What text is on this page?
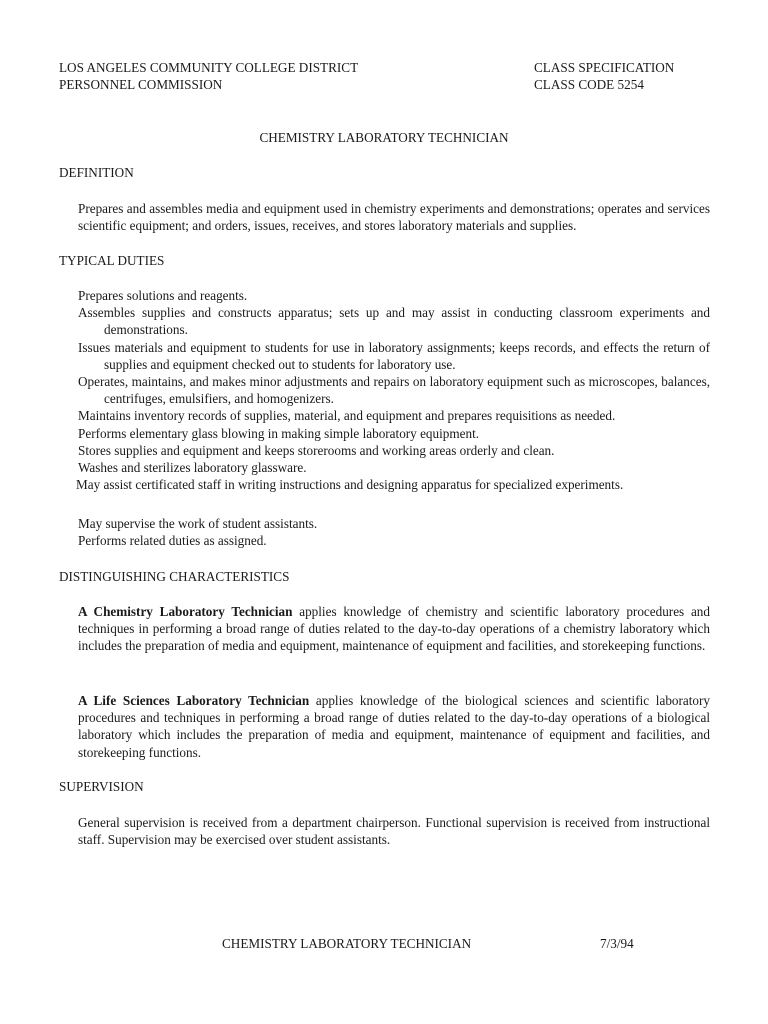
LOS ANGELES COMMUNITY COLLEGE DISTRICT
PERSONNEL COMMISSION
CLASS SPECIFICATION
CLASS CODE 5254
CHEMISTRY LABORATORY TECHNICIAN
DEFINITION
Prepares and assembles media and equipment used in chemistry experiments and demonstrations; operates and services scientific equipment; and orders, issues, receives, and stores laboratory materials and supplies.
TYPICAL DUTIES
Prepares solutions and reagents.
Assembles supplies and constructs apparatus; sets up and may assist in conducting classroom experiments and demonstrations.
Issues materials and equipment to students for use in laboratory assignments; keeps records, and effects the return of supplies and equipment checked out to students for laboratory use.
Operates, maintains, and makes minor adjustments and repairs on laboratory equipment such as microscopes, balances, centrifuges, emulsifiers, and homogenizers.
Maintains inventory records of supplies, material, and equipment and prepares requisitions as needed.
Performs elementary glass blowing in making simple laboratory equipment.
Stores supplies and equipment and keeps storerooms and working areas orderly and clean.
Washes and sterilizes laboratory glassware.
May assist certificated staff in writing instructions and designing apparatus for specialized experiments.
May supervise the work of student assistants.
Performs related duties as assigned.
DISTINGUISHING CHARACTERISTICS
A Chemistry Laboratory Technician applies knowledge of chemistry and scientific laboratory procedures and techniques in performing a broad range of duties related to the day-to-day operations of a chemistry laboratory which includes the preparation of media and equipment, maintenance of equipment and facilities, and storekeeping functions.
A Life Sciences Laboratory Technician applies knowledge of the biological sciences and scientific laboratory procedures and techniques in performing a broad range of duties related to the day-to-day operations of a biological laboratory which includes the preparation of media and equipment, maintenance of equipment and facilities, and storekeeping functions.
SUPERVISION
General supervision is received from a department chairperson. Functional supervision is received from instructional staff. Supervision may be exercised over student assistants.
CHEMISTRY LABORATORY TECHNICIAN	7/3/94
